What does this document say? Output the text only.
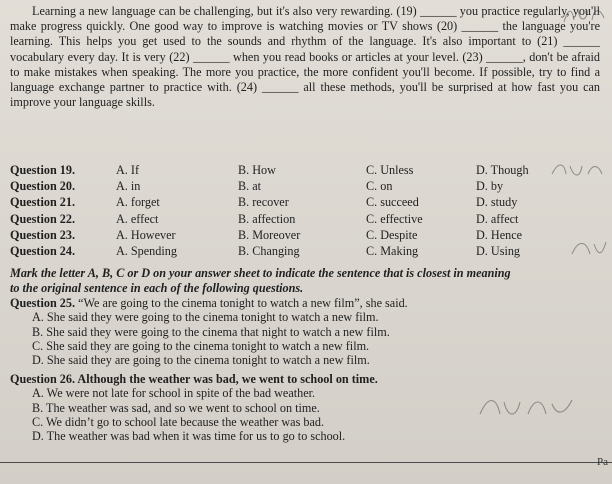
Learning a new language can be challenging, but it's also very rewarding. (19) ______ you practice regularly, you'll make progress quickly. One good way to improve is watching movies or TV shows (20) ______ the language you're learning. This helps you get used to the sounds and rhythm of the language. It's also important to (21) ______ vocabulary every day. It is very (22) ______ when you read books or articles at your level. (23) ______, don't be afraid to make mistakes when speaking. The more you practice, the more confident you'll become. If possible, try to find a language exchange partner to practice with. (24) ______ all these methods, you'll be surprised at how fast you can improve your language skills.
Question 19.	A. If	B. How	C. Unless	D. Though
Question 20.	A. in	B. at	C. on	D. by
Question 21.	A. forget	B. recover	C. succeed	D. study
Question 22.	A. effect	B. affection	C. effective	D. affect
Question 23.	A. However	B. Moreover	C. Despite	D. Hence
Question 24.	A. Spending	B. Changing	C. Making	D. Using
Mark the letter A, B, C or D on your answer sheet to indicate the sentence that is closest in meaning
to the original sentence in each of the following questions.
Question 25. “We are going to the cinema tonight to watch a new film”, she said.
A. She said they were going to the cinema tonight to watch a new film.
B. She said they were going to the cinema that night to watch a new film.
C. She said they are going to the cinema tonight to watch a new film.
D. She said they are going to the cinema tonight to watch a new film.
Question 26. Although the weather was bad, we went to school on time.
A. We were not late for school in spite of the bad weather.
B. The weather was sad, and so we went to school on time.
C. We didn’t go to school late because the weather was bad.
D. The weather was bad when it was time for us to go to school.
Pa
